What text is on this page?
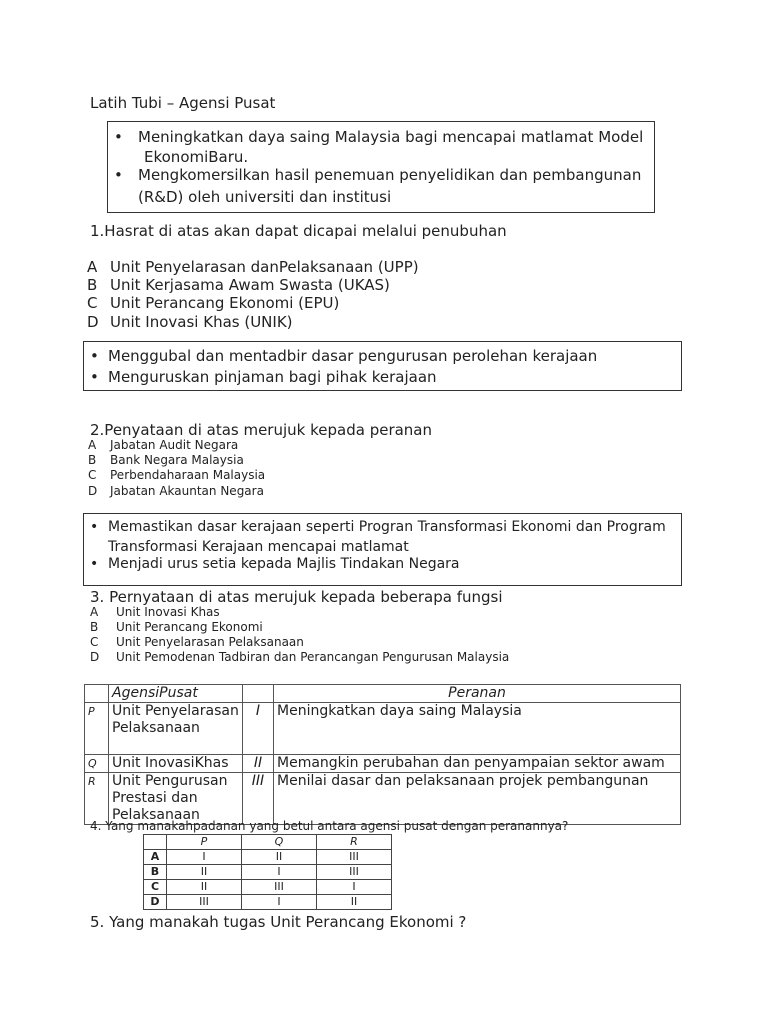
Latih Tubi – Agensi Pusat
• Meningkatkan daya saing Malaysia bagi mencapai matlamat Model
EkonomiBaru.
• Mengkomersilkan hasil penemuan penyelidikan dan pembangunan
(R&D) oleh universiti dan institusi
1.Hasrat di atas akan dapat dicapai melalui penubuhan
A Unit Penyelarasan danPelaksanaan (UPP)
B Unit Kerjasama Awam Swasta (UKAS)
C Unit Perancang Ekonomi (EPU)
D Unit Inovasi Khas (UNIK)
• Menggubal dan mentadbir dasar pengurusan perolehan kerajaan
• Menguruskan pinjaman bagi pihak kerajaan
2.Penyataan di atas merujuk kepada peranan
A Jabatan Audit Negara
B Bank Negara Malaysia
C Perbendaharaan Malaysia
D Jabatan Akauntan Negara
• Memastikan dasar kerajaan seperti Progran Transformasi Ekonomi dan Program
Transformasi Kerajaan mencapai matlamat
• Menjadi urus setia kepada Majlis Tindakan Negara
3. Pernyataan di atas merujuk kepada beberapa fungsi
A Unit Inovasi Khas
B Unit Perancang Ekonomi
C Unit Penyelarasan Pelaksanaan
D Unit Pemodenan Tadbiran dan Perancangan Pengurusan Malaysia
	AgensiPusat		Peranan
P	Unit Penyelarasan Pelaksanaan	I	Meningkatkan daya saing Malaysia
Q	Unit InovasiKhas	II	Memangkin perubahan dan penyampaian sektor awam
R	Unit Pengurusan Prestasi dan Pelaksanaan	III	Menilai dasar dan pelaksanaan projek pembangunan
4. Yang manakahpadanan yang betul antara agensi pusat dengan peranannya?
	P	Q	R
A	I	II	III
B	II	I	III
C	II	III	I
D	III	I	II
5. Yang manakah tugas Unit Perancang Ekonomi ?
